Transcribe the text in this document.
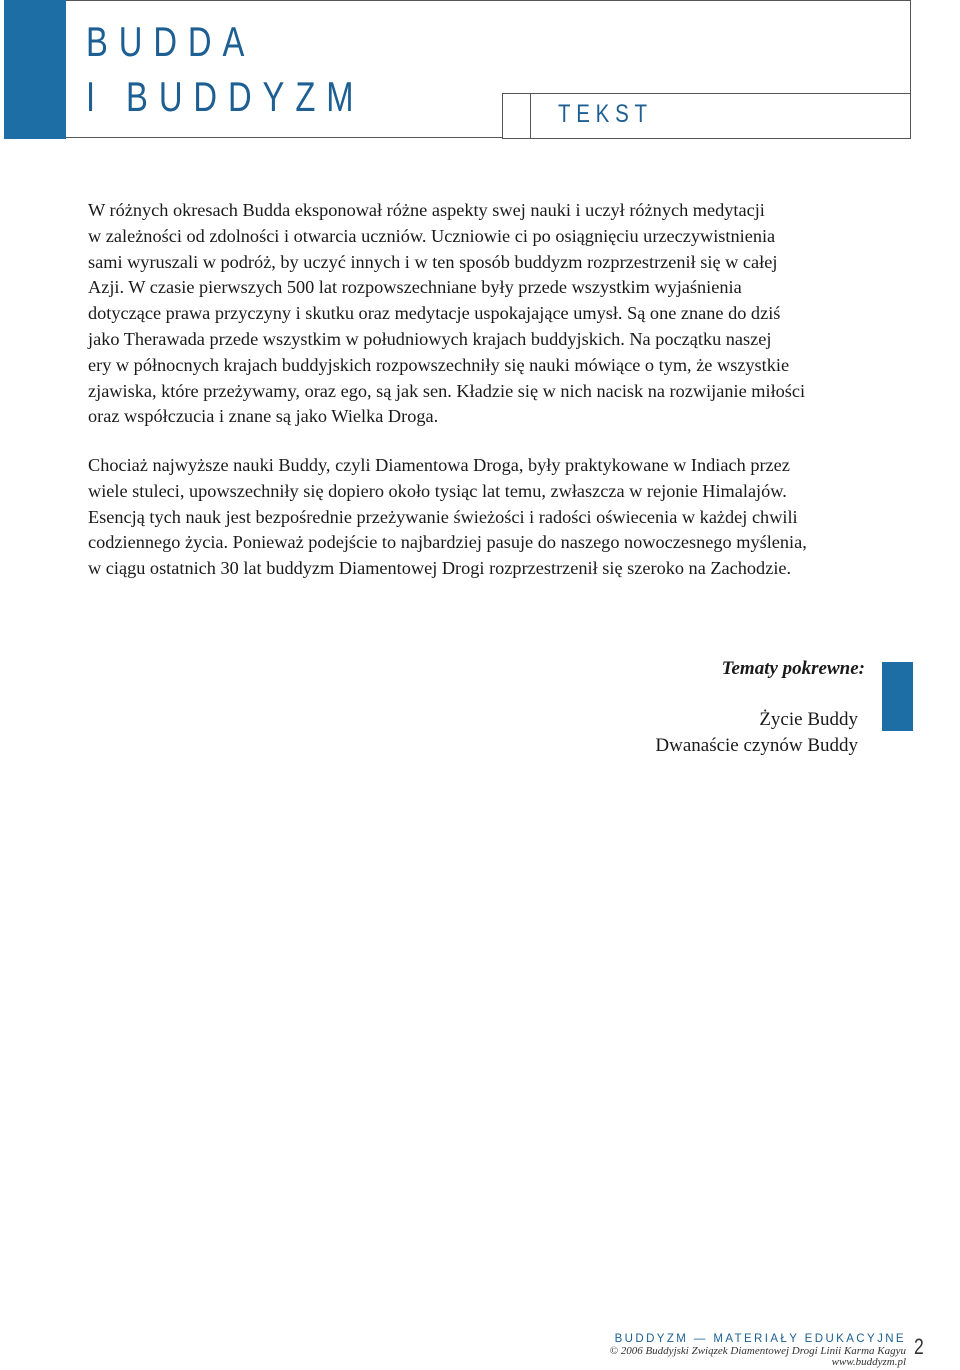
BUDDA
I BUDDYZM	TEKST
W różnych okresach Budda eksponował różne aspekty swej nauki i uczył różnych medytacji
w zależności od zdolności i otwarcia uczniów. Uczniowie ci po osiągnięciu urzeczywistnienia
sami wyruszali w podróż, by uczyć innych i w ten sposób buddyzm rozprzestrzenił się w całej
Azji. W czasie pierwszych 500 lat rozpowszechniane były przede wszystkim wyjaśnienia
dotyczące prawa przyczyny i skutku oraz medytacje uspokajające umysł. Są one znane do dziś
jako Therawada przede wszystkim w południowych krajach buddyjskich. Na początku naszej
ery w północnych krajach buddyjskich rozpowszechniły się nauki mówiące o tym, że wszystkie
zjawiska, które przeżywamy, oraz ego, są jak sen. Kładzie się w nich nacisk na rozwijanie miłości
oraz współczucia i znane są jako Wielka Droga.
Chociaż najwyższe nauki Buddy, czyli Diamentowa Droga, były praktykowane w Indiach przez
wiele stuleci, upowszechniły się dopiero około tysiąc lat temu, zwłaszcza w rejonie Himalajów.
Esencją tych nauk jest bezpośrednie przeżywanie świeżości i radości oświecenia w każdej chwili
codziennego życia. Ponieważ podejście to najbardziej pasuje do naszego nowoczesnego myślenia,
w ciągu ostatnich 30 lat buddyzm Diamentowej Drogi rozprzestrzenił się szeroko na Zachodzie.
Tematy pokrewne:
Życie Buddy
Dwanaście czynów Buddy
BUDDYZM — MATERIAŁY EDUKACYJNE
© 2006 Buddyjski Związek Diamentowej Drogi Linii Karma Kagyu
www.buddyzm.pl
2
